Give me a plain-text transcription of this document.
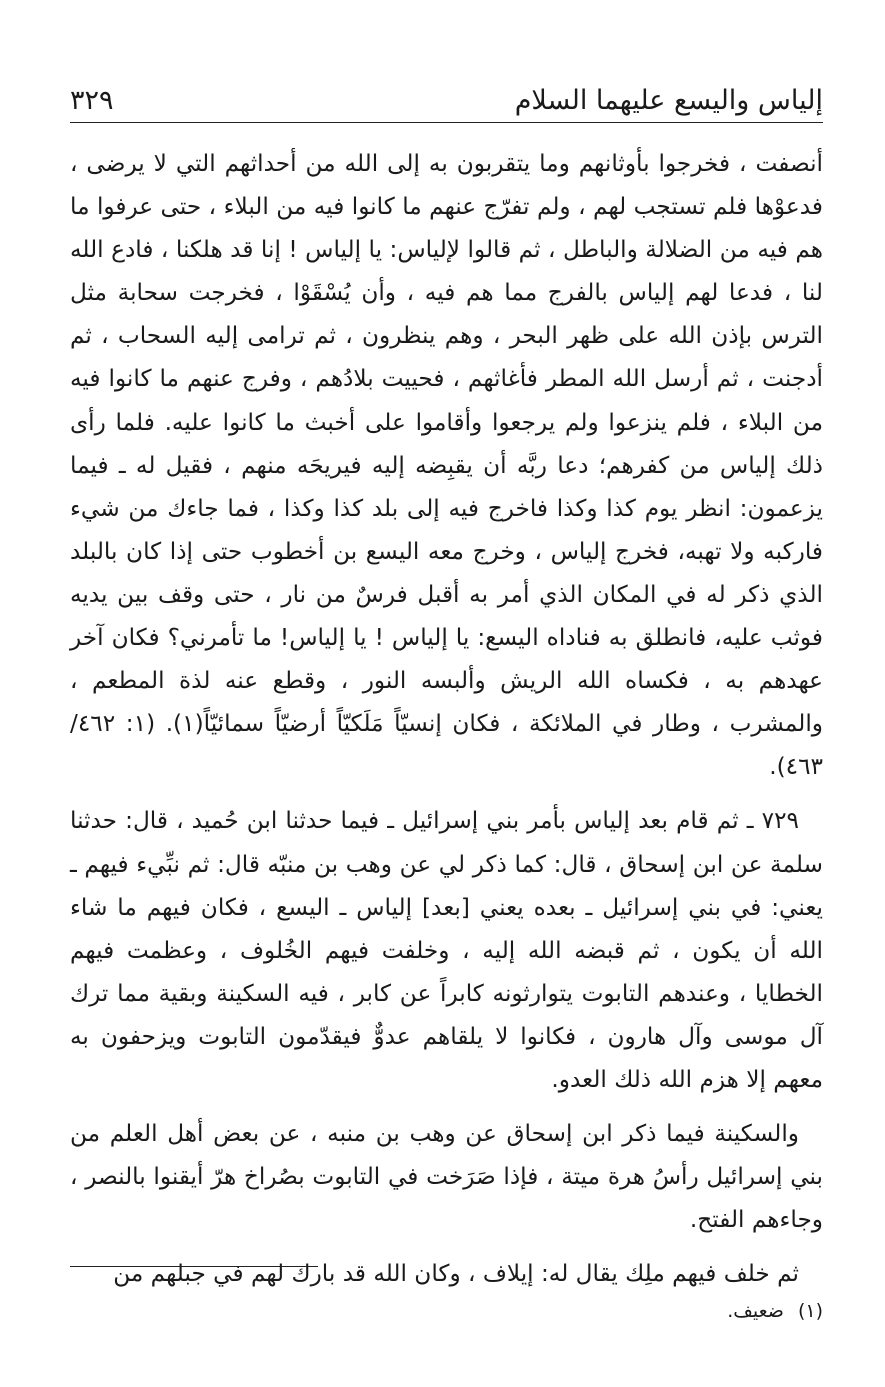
إلياس واليسع عليهما السلام
٣٢٩

أنصفت ، فخرجوا بأوثانهم وما يتقربون به إلى الله من أحداثهم التي لا يرضى ، فدعوْها فلم تستجب لهم ، ولم تفرّج عنهم ما كانوا فيه من البلاء ، حتى عرفوا ما هم فيه من الضلالة والباطل ، ثم قالوا لإلياس: يا إلياس ! إنا قد هلكنا ، فادع الله لنا ، فدعا لهم إلياس بالفرج مما هم فيه ، وأن يُسْقَوْا ، فخرجت سحابة مثل الترس بإذن الله على ظهر البحر ، وهم ينظرون ، ثم ترامى إليه السحاب ، ثم أدجنت ، ثم أرسل الله المطر فأغاثهم ، فحييت بلادُهم ، وفرج عنهم ما كانوا فيه من البلاء ، فلم ينزعوا ولم يرجعوا وأقاموا على أخبث ما كانوا عليه. فلما رأى ذلك إلياس من كفرهم؛ دعا ربَّه أن يقبِضه إليه فيريحَه منهم ، فقيل له ـ فيما يزعمون: انظر يوم كذا وكذا فاخرج فيه إلى بلد كذا وكذا ، فما جاءك من شيء فاركبه ولا تهبه، فخرج إلياس ، وخرج معه اليسع بن أخطوب حتى إذا كان بالبلد الذي ذكر له في المكان الذي أمر به أقبل فرسٌ من نار ، حتى وقف بين يديه فوثب عليه، فانطلق به فناداه اليسع: يا إلياس ! يا إلياس! ما تأمرني؟ فكان آخر عهدهم به ، فكساه الله الريش وألبسه النور ، وقطع عنه لذة المطعم ، والمشرب ، وطار في الملائكة ، فكان إنسيّاً مَلَكيّاً أرضيّاً سمائيّاً(١). (١: ٤٦٢/ ٤٦٣).

٧٢٩ ـ ثم قام بعد إلياس بأمر بني إسرائيل ـ فيما حدثنا ابن حُميد ، قال: حدثنا سلمة عن ابن إسحاق ، قال: كما ذكر لي عن وهب بن منبّه قال: ثم نبِّيء فيهم ـ يعني: في بني إسرائيل ـ بعده يعني [بعد] إلياس ـ اليسع ، فكان فيهم ما شاء الله أن يكون ، ثم قبضه الله إليه ، وخلفت فيهم الخُلوف ، وعظمت فيهم الخطايا ، وعندهم التابوت يتوارثونه كابراً عن كابر ، فيه السكينة وبقية مما ترك آل موسى وآل هارون ، فكانوا لا يلقاهم عدوٌّ فيقدّمون التابوت ويزحفون به معهم إلا هزم الله ذلك العدو.

والسكينة فيما ذكر ابن إسحاق عن وهب بن منبه ، عن بعض أهل العلم من بني إسرائيل رأسُ هرة ميتة ، فإذا صَرَخت في التابوت بصُراخ هرّ أيقنوا بالنصر ، وجاءهم الفتح.

ثم خلف فيهم ملِك يقال له: إيلاف ، وكان الله قد بارك لهم في جبلهم من

(١)ضعيف.
